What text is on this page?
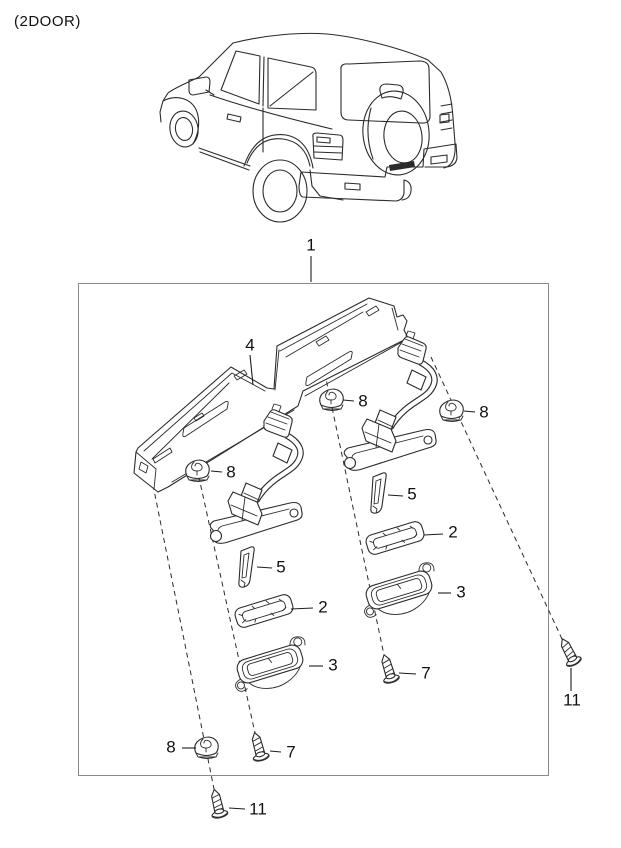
(2DOOR)
1
4
8
8
8
5
2
5
3
2
3	7
11
8	7
11
